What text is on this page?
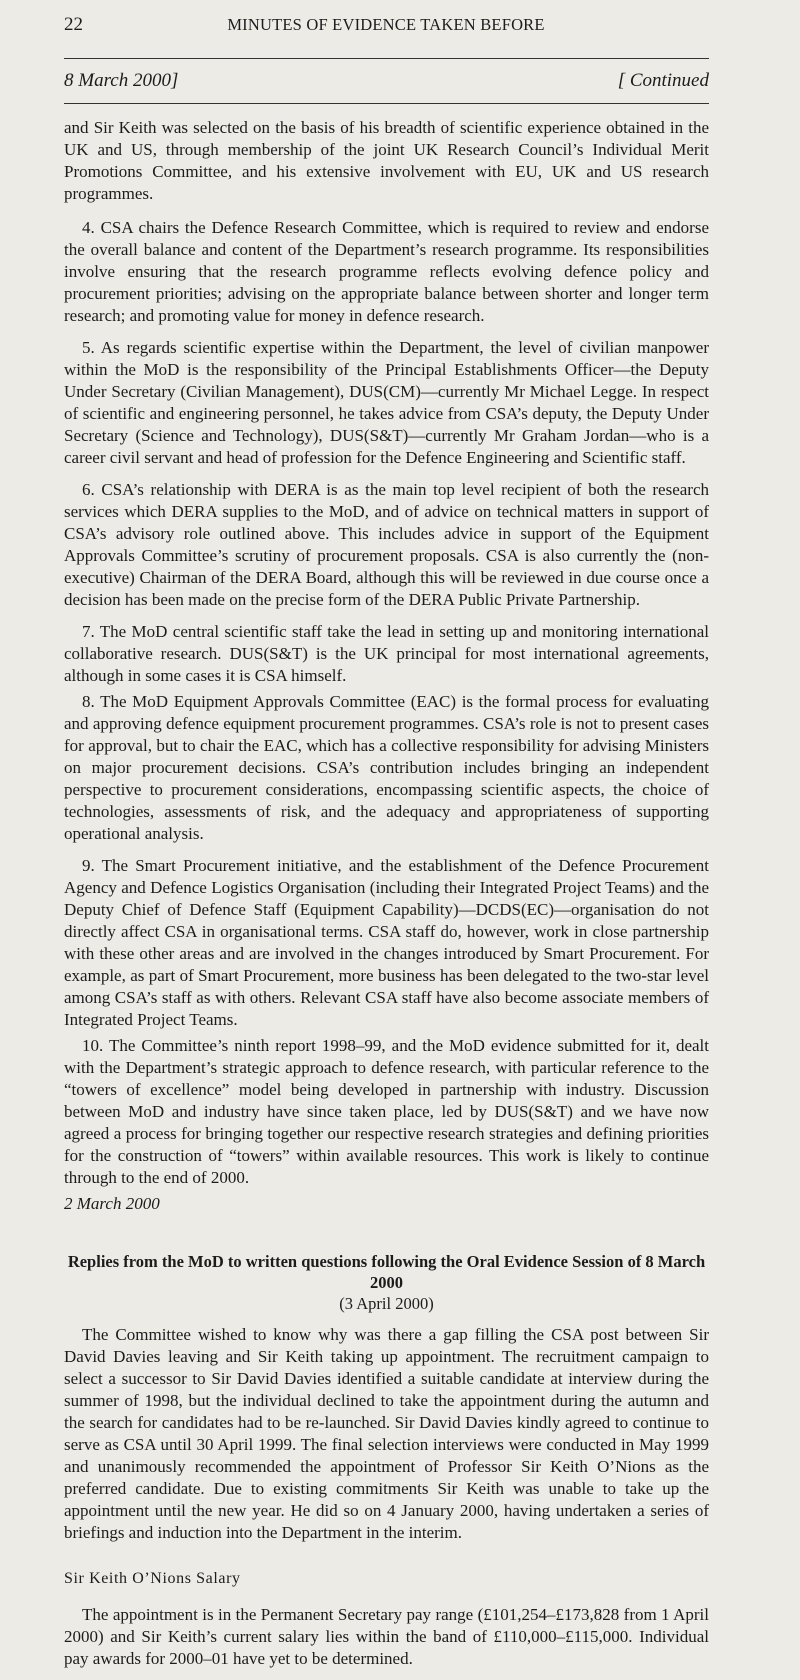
22	MINUTES OF EVIDENCE TAKEN BEFORE
8 March 2000]	[ Continued

and Sir Keith was selected on the basis of his breadth of scientific experience obtained in the UK and US, through membership of the joint UK Research Council’s Individual Merit Promotions Committee, and his extensive involvement with EU, UK and US research programmes.

4. CSA chairs the Defence Research Committee, which is required to review and endorse the overall balance and content of the Department’s research programme. Its responsibilities involve ensuring that the research programme reflects evolving defence policy and procurement priorities; advising on the appropriate balance between shorter and longer term research; and promoting value for money in defence research.

5. As regards scientific expertise within the Department, the level of civilian manpower within the MoD is the responsibility of the Principal Establishments Officer—the Deputy Under Secretary (Civilian Management), DUS(CM)—currently Mr Michael Legge. In respect of scientific and engineering personnel, he takes advice from CSA’s deputy, the Deputy Under Secretary (Science and Technology), DUS(S&T)—currently Mr Graham Jordan—who is a career civil servant and head of profession for the Defence Engineering and Scientific staff.

6. CSA’s relationship with DERA is as the main top level recipient of both the research services which DERA supplies to the MoD, and of advice on technical matters in support of CSA’s advisory role outlined above. This includes advice in support of the Equipment Approvals Committee’s scrutiny of procurement proposals. CSA is also currently the (non-executive) Chairman of the DERA Board, although this will be reviewed in due course once a decision has been made on the precise form of the DERA Public Private Partnership.

7. The MoD central scientific staff take the lead in setting up and monitoring international collaborative research. DUS(S&T) is the UK principal for most international agreements, although in some cases it is CSA himself.

8. The MoD Equipment Approvals Committee (EAC) is the formal process for evaluating and approving defence equipment procurement programmes. CSA’s role is not to present cases for approval, but to chair the EAC, which has a collective responsibility for advising Ministers on major procurement decisions. CSA’s contribution includes bringing an independent perspective to procurement considerations, encompassing scientific aspects, the choice of technologies, assessments of risk, and the adequacy and appropriateness of supporting operational analysis.

9. The Smart Procurement initiative, and the establishment of the Defence Procurement Agency and Defence Logistics Organisation (including their Integrated Project Teams) and the Deputy Chief of Defence Staff (Equipment Capability)—DCDS(EC)—organisation do not directly affect CSA in organisational terms. CSA staff do, however, work in close partnership with these other areas and are involved in the changes introduced by Smart Procurement. For example, as part of Smart Procurement, more business has been delegated to the two-star level among CSA’s staff as with others. Relevant CSA staff have also become associate members of Integrated Project Teams.

10. The Committee’s ninth report 1998–99, and the MoD evidence submitted for it, dealt with the Department’s strategic approach to defence research, with particular reference to the “towers of excellence” model being developed in partnership with industry. Discussion between MoD and industry have since taken place, led by DUS(S&T) and we have now agreed a process for bringing together our respective research strategies and defining priorities for the construction of “towers” within available resources. This work is likely to continue through to the end of 2000.

2 March 2000

Replies from the MoD to written questions following the Oral Evidence Session of 8 March 2000

(3 April 2000)

The Committee wished to know why was there a gap filling the CSA post between Sir David Davies leaving and Sir Keith taking up appointment. The recruitment campaign to select a successor to Sir David Davies identified a suitable candidate at interview during the summer of 1998, but the individual declined to take the appointment during the autumn and the search for candidates had to be re-launched. Sir David Davies kindly agreed to continue to serve as CSA until 30 April 1999. The final selection interviews were conducted in May 1999 and unanimously recommended the appointment of Professor Sir Keith O’Nions as the preferred candidate. Due to existing commitments Sir Keith was unable to take up the appointment until the new year. He did so on 4 January 2000, having undertaken a series of briefings and induction into the Department in the interim.

Sir Keith O’Nions Salary

The appointment is in the Permanent Secretary pay range (£101,254–£173,828 from 1 April 2000) and Sir Keith’s current salary lies within the band of £110,000–£115,000. Individual pay awards for 2000–01 have yet to be determined.
